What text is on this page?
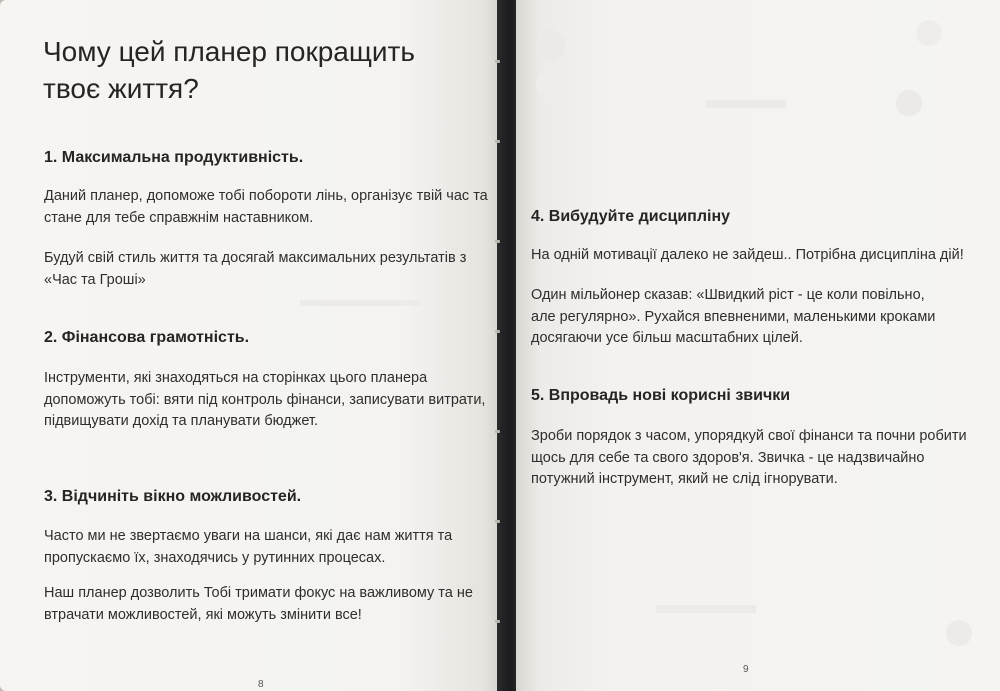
Чому цей планер покращить
твоє життя?
1. Максимальна продуктивність.

Даний планер, допоможе тобі побороти лінь, організує твій час та
стане для тебе справжнім наставником.

Будуй свій стиль життя та досягай максимальних результатів з
«Час та Гроші»

2. Фінансова грамотність.

Інструменти, які знаходяться на сторінках цього планера
допоможуть тобі: вяти під контроль фінанси, записувати витрати,
підвищувати дохід та планувати бюджет.

3. Відчиніть вікно можливостей.

Часто ми не звертаємо уваги на шанси, які дає нам життя та
пропускаємо їх, знаходячись у рутинних процесах.

Наш планер дозволить Тобі тримати фокус на важливому та не
втрачати можливостей, які можуть змінити все!

8
4. Вибудуйте дисципліну

На одній мотивації далеко не зайдеш.. Потрібна дисципліна дій!

Один мільйонер сказав: «Швидкий ріст - це коли повільно,
але регулярно». Рухайся впевненими, маленькими кроками
досягаючи усе більш масштабних цілей.

5. Впровадь нові корисні звички

Зроби порядок з часом, упорядкуй свої фінанси та почни робити
щось для себе та свого здоров'я. Звичка - це надзвичайно
потужний інструмент, який не слід ігнорувати.

9
